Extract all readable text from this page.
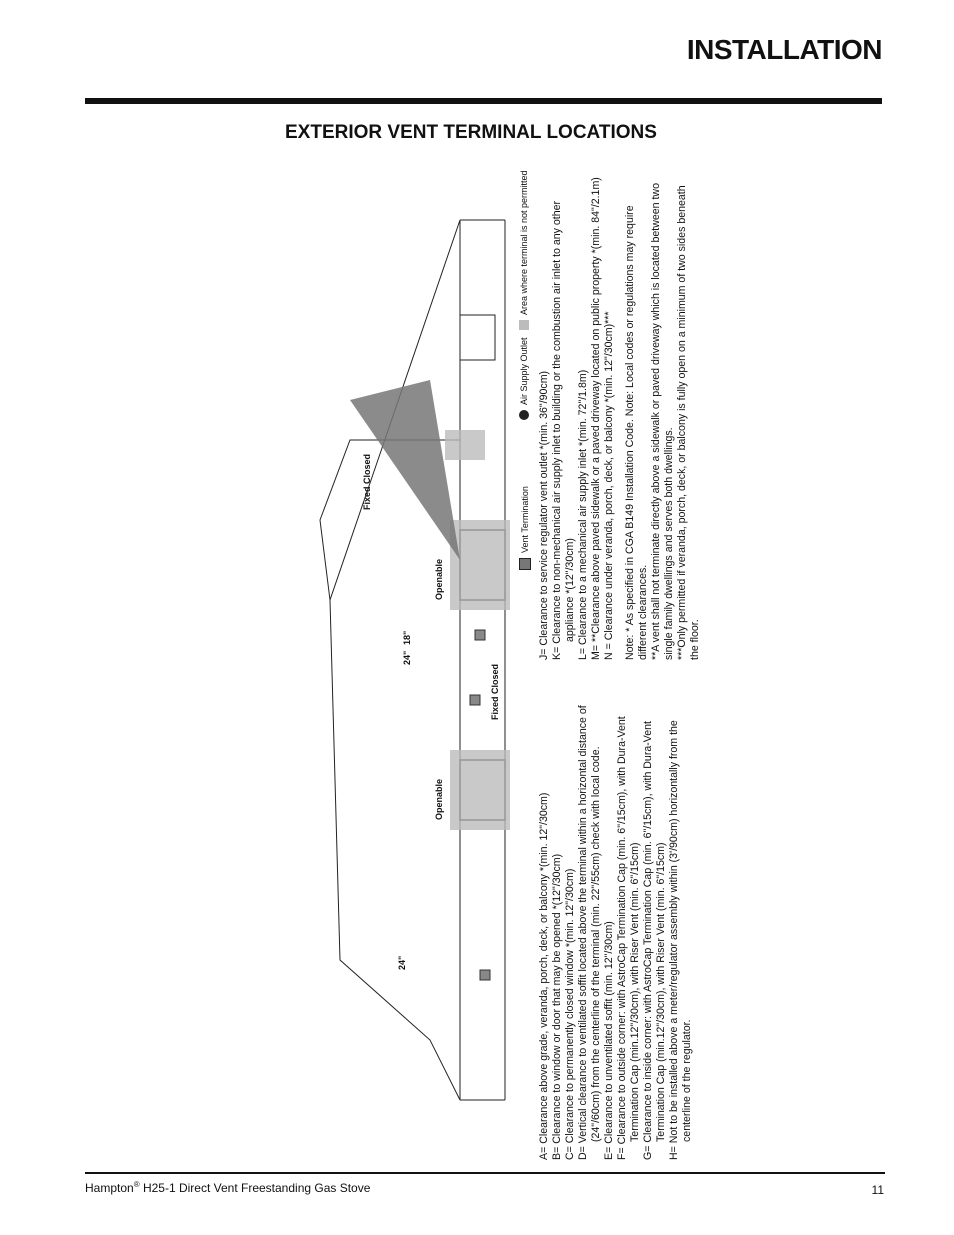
INSTALLATION
EXTERIOR VENT TERMINAL LOCATIONS
Fixed Closed
Openable
Fixed Closed
Openable
24"
18"
24"
Vent Termination
Air Supply Outlet
Area where terminal is not permitted

A= Clearance above grade, veranda, porch, deck, or balcony *(min. 12"/30cm) B= Clearance to window or door that may be opened *(12"/30cm) C= Clearance to permanently closed window *(min. 12"/30cm) D= Vertical clearance to ventilated soffit located above the terminal within a horizontal distance of (24"/60cm) from the centerline of the terminal (min. 22"/55cm) check with local code. E= Clearance to unventilated soffit (min. 12"/30cm) F= Clearance to outside corner: with AstroCap Termination Cap (min. 6"/15cm), with Dura-Vent Termination Cap (min.12"/30cm), with Riser Vent (min. 6"/15cm) G= Clearance to inside corner: with AstroCap Termination Cap (min. 6"/15cm), with Dura-Vent Termination Cap (min.12"/30cm), with Riser Vent (min. 6"/15cm) H= Not to be installed above a meter/regulator assembly within (3'/90cm) horizontally from the centerline of the regulator.

J= Clearance to service regulator vent outlet *(min. 36"/90cm) K= Clearance to non-mechanical air supply inlet to building or the combustion air inlet to any other appliance *(12"/30cm) L= Clearance to a mechanical air supply inlet *(min. 72"/1.8m) M= **Clearance above paved sidewalk or a paved driveway located on public property *(min. 84"/2.1m) N = Clearance under veranda, porch, deck, or balcony *(min. 12"/30cm)*** Note: * As specified in CGA B149 Installation Code. Note: Local codes or regulations may require different clearances. **A vent shall not terminate directly above a sidewalk or paved driveway which is located between two single family dwellings and serves both dwellings. ***Only permitted if veranda, porch, deck, or balcony is fully open on a minimum of two sides beneath the floor.

Hampton® H25-1 Direct Vent Freestanding Gas Stove	11
